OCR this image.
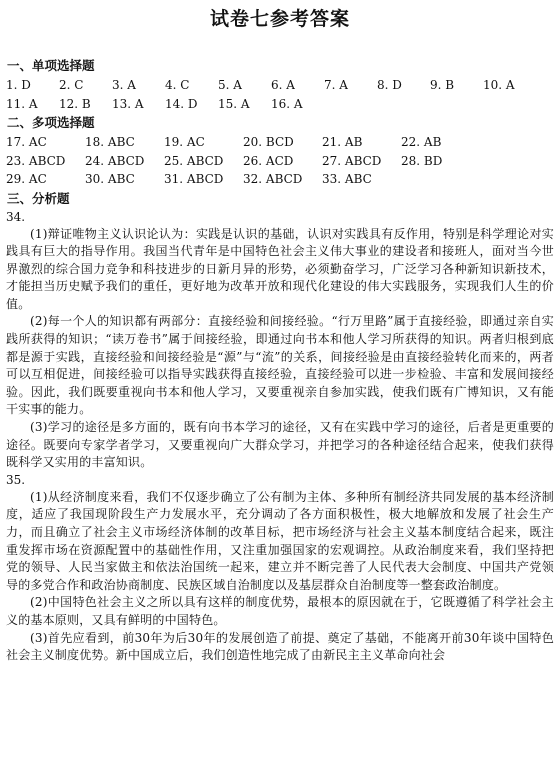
试卷七参考答案
一、单项选择题
1. D	2. C	3. A	4. C	5. A	6. A	7. A	8. D	9. B	10. A
11. A	12. B	13. A	14. D	15. A	16. A
二、多项选择题
17. AC	18. ABC	19. AC	20. BCD	21. AB	22. AB
23. ABCD	24. ABCD	25. ABCD	26. ACD	27. ABCD	28. BD
29. AC	30. ABC	31. ABCD	32. ABCD	33. ABC
三、分析题

34.

(1)辩证唯物主义认识论认为：实践是认识的基础，认识对实践具有反作用，特别是科学理论对实践具有巨大的指导作用。我国当代青年是中国特色社会主义伟大事业的建设者和接班人，面对当今世界激烈的综合国力竞争和科技进步的日新月异的形势，必须勤奋学习，广泛学习各种新知识新技术，才能担当历史赋予我们的重任，更好地为改革开放和现代化建设的伟大实践服务，实现我们人生的价值。

(2)每一个人的知识都有两部分：直接经验和间接经验。“行万里路”属于直接经验，即通过亲自实践所获得的知识；“读万卷书”属于间接经验，即通过向书本和他人学习所获得的知识。两者归根到底都是源于实践，直接经验和间接经验是“源”与“流”的关系，间接经验是由直接经验转化而来的，两者可以互相促进，间接经验可以指导实践获得直接经验，直接经验可以进一步检验、丰富和发展间接经验。因此，我们既要重视向书本和他人学习，又要重视亲自参加实践，使我们既有广博知识，又有能干实事的能力。

(3)学习的途径是多方面的，既有向书本学习的途径，又有在实践中学习的途径，后者是更重要的途径。既要向专家学者学习，又要重视向广大群众学习，并把学习的各种途径结合起来，使我们获得既科学又实用的丰富知识。

35.

(1)从经济制度来看，我们不仅逐步确立了公有制为主体、多种所有制经济共同发展的基本经济制度，适应了我国现阶段生产力发展水平，充分调动了各方面积极性，极大地解放和发展了社会生产力，而且确立了社会主义市场经济体制的改革目标，把市场经济与社会主义基本制度结合起来，既注重发挥市场在资源配置中的基础性作用，又注重加强国家的宏观调控。从政治制度来看，我们坚持把党的领导、人民当家做主和依法治国统一起来，建立并不断完善了人民代表大会制度、中国共产党领导的多党合作和政治协商制度、民族区域自治制度以及基层群众自治制度等一整套政治制度。

(2)中国特色社会主义之所以具有这样的制度优势，最根本的原因就在于，它既遵循了科学社会主义的基本原则，又具有鲜明的中国特色。

(3)首先应看到，前30年为后30年的发展创造了前提、奠定了基础，不能离开前30年谈中国特色社会主义制度优势。新中国成立后，我们创造性地完成了由新民主主义革命向社会
